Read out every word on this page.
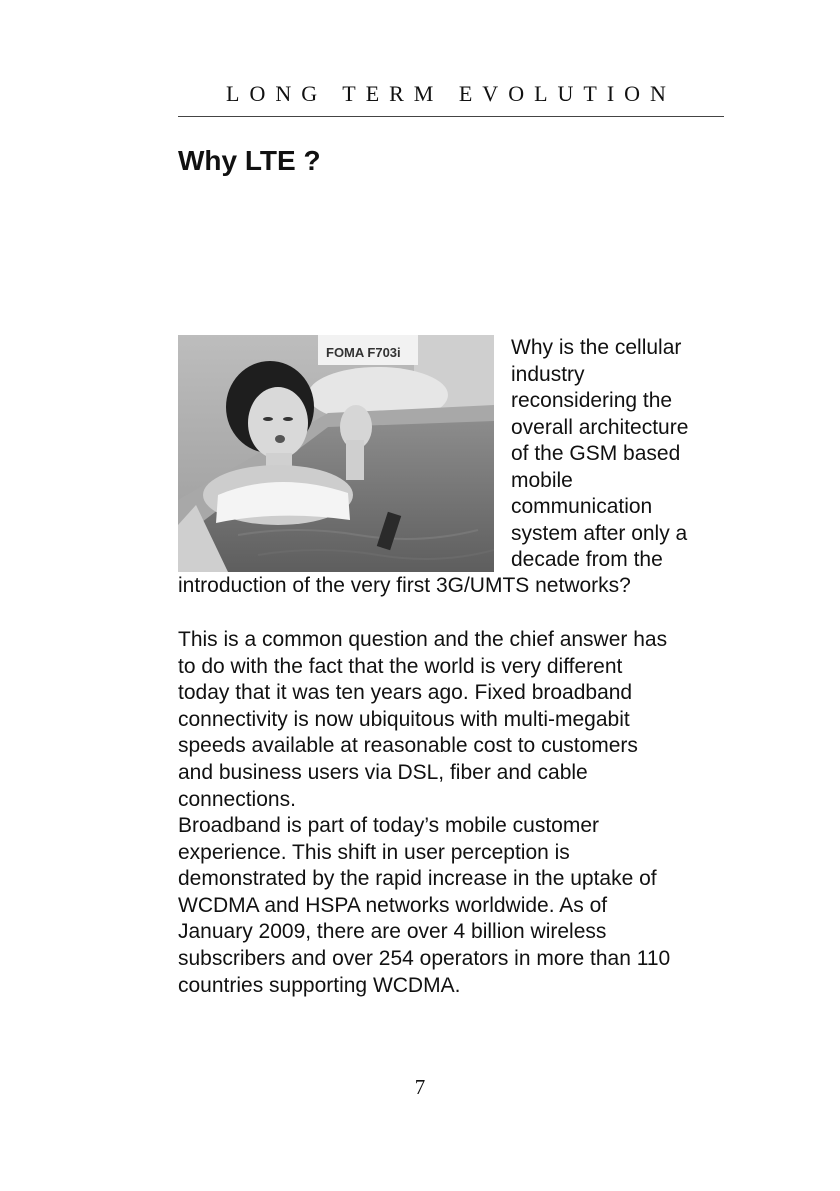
LONG TERM EVOLUTION
Why LTE ?
FOMA F703i	Why is the cellular
industry
reconsidering the
overall architecture
of the GSM based
mobile
communication
system after only a
decade from the

introduction of the very first 3G/UMTS networks?

This is a common question and the chief answer has
to do with the fact that the world is very different
today that it was ten years ago. Fixed broadband
connectivity is now ubiquitous with multi-megabit
speeds available at reasonable cost to customers
and business users via DSL, fiber and cable
connections.

Broadband is part of today’s mobile customer
experience. This shift in user perception is
demonstrated by the rapid increase in the uptake of
WCDMA and HSPA networks worldwide. As of
January 2009, there are over 4 billion wireless
subscribers and over 254 operators in more than 110
countries supporting WCDMA.

7
